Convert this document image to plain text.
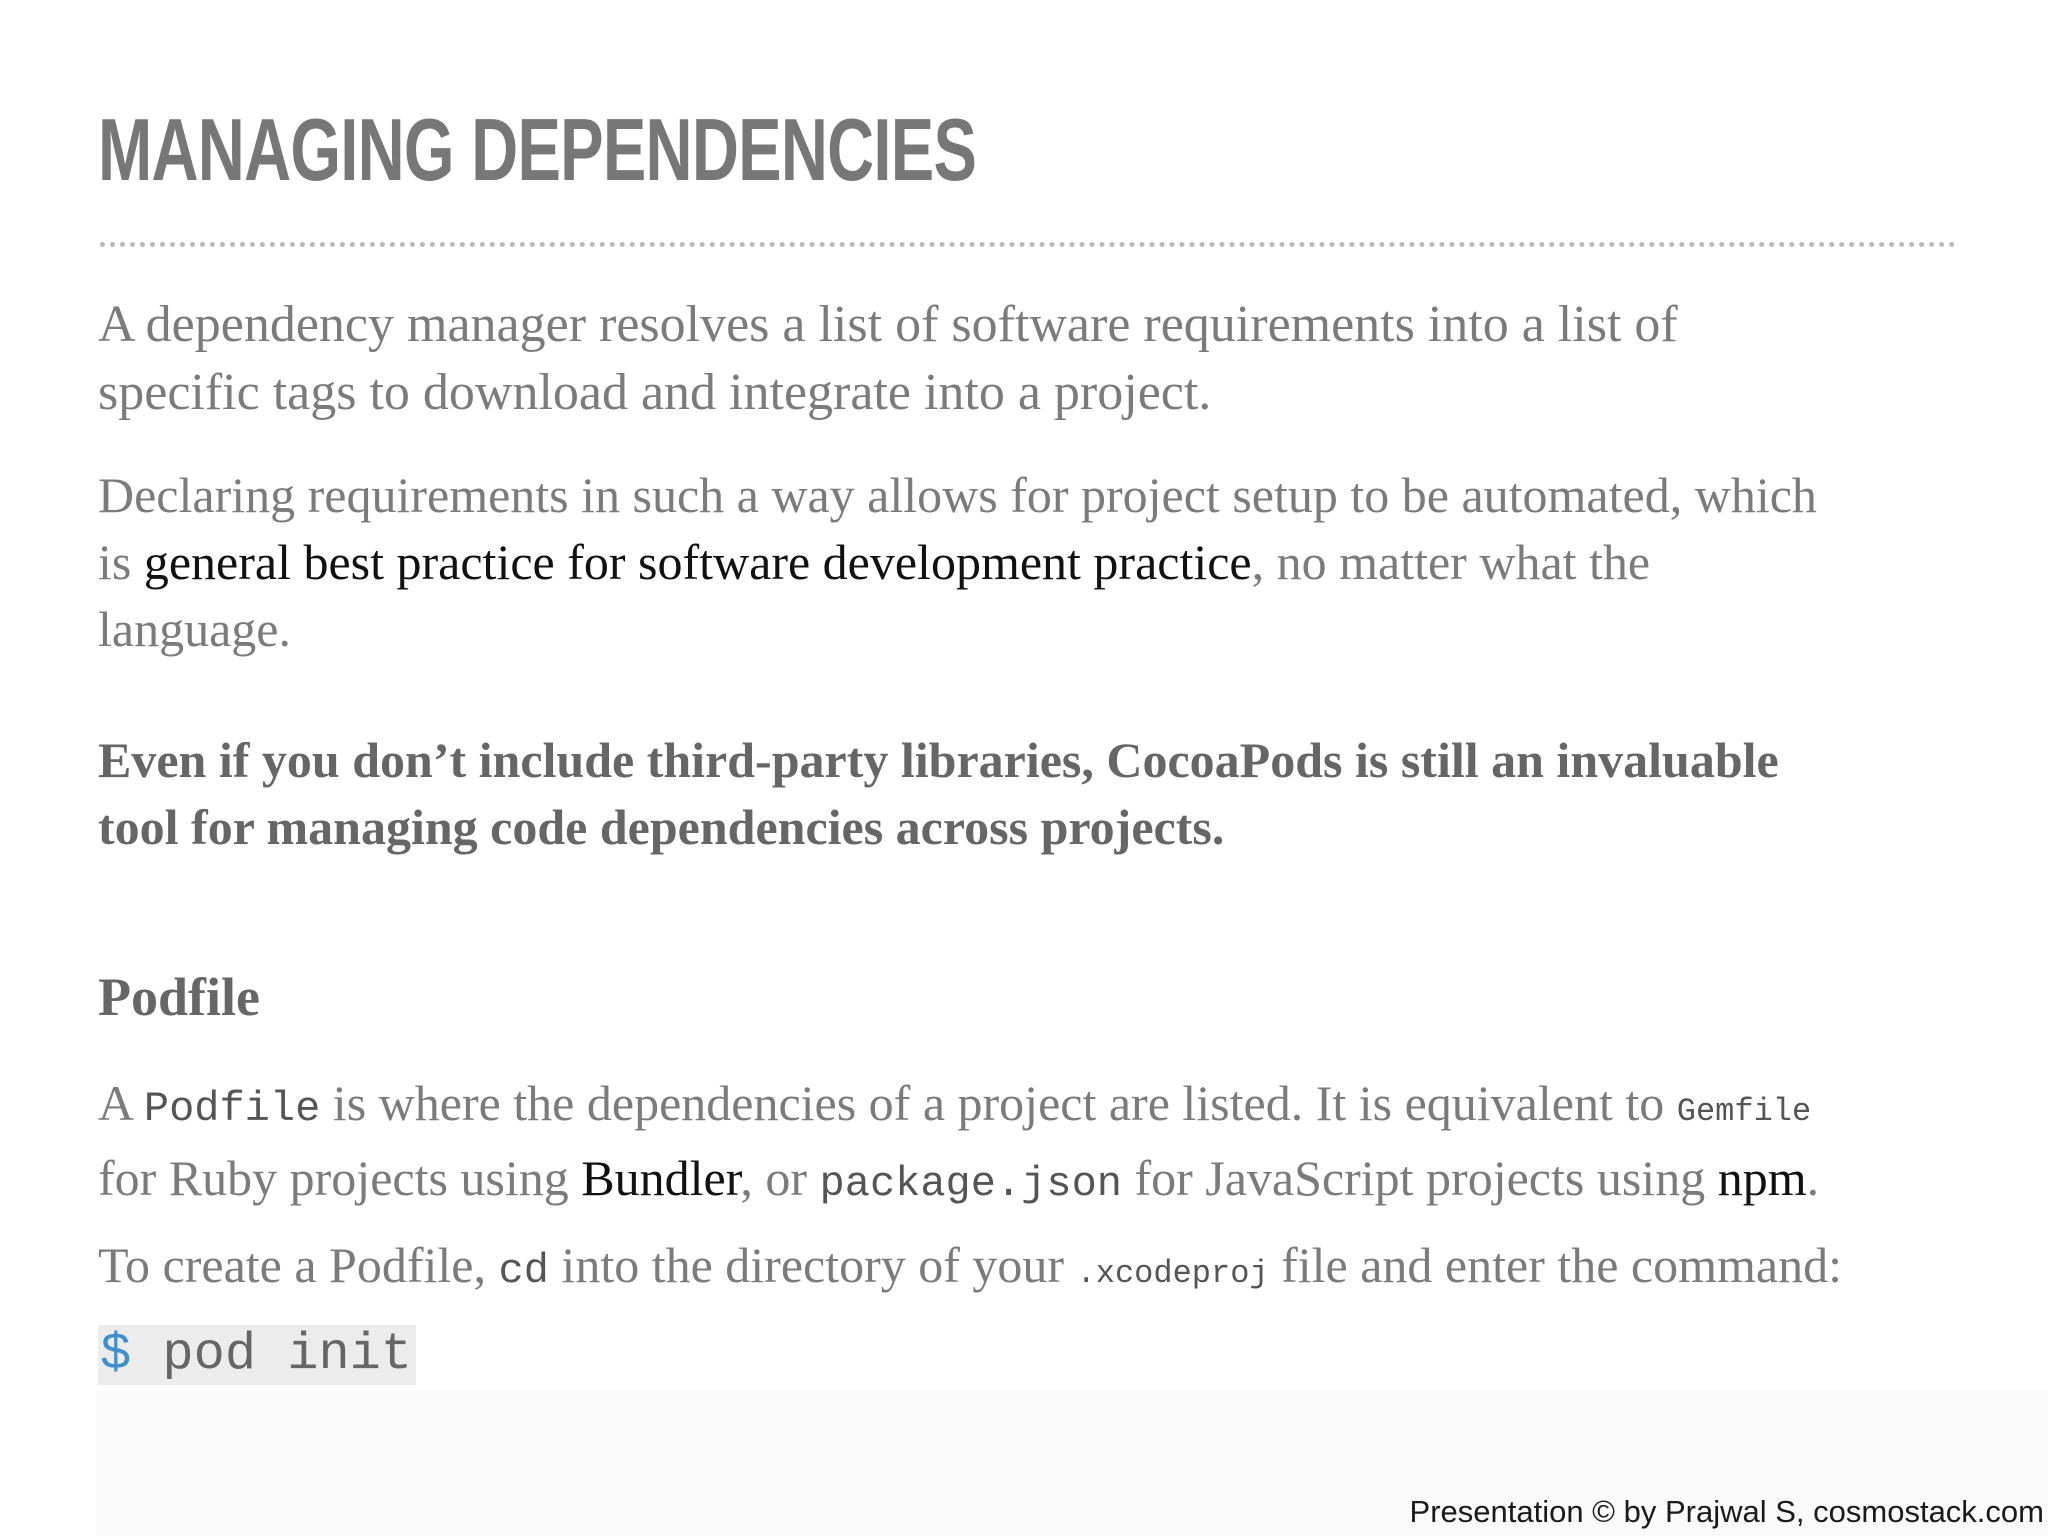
MANAGING DEPENDENCIES

A dependency manager resolves a list of software requirements into a list of
specific tags to download and integrate into a project.

Declaring requirements in such a way allows for project setup to be automated, which
is general best practice for software development practice, no matter what the
language.

Even if you don’t include third-party libraries, CocoaPods is still an invaluable
tool for managing code dependencies across projects.

Podfile

A Podfile is where the dependencies of a project are listed. It is equivalent to Gemfile
for Ruby projects using Bundler, or package.json for JavaScript projects using npm.

To create a Podfile, cd into the directory of your .xcodeproj file and enter the command:

$ pod init
Presentation © by Prajwal S, cosmostack.com
